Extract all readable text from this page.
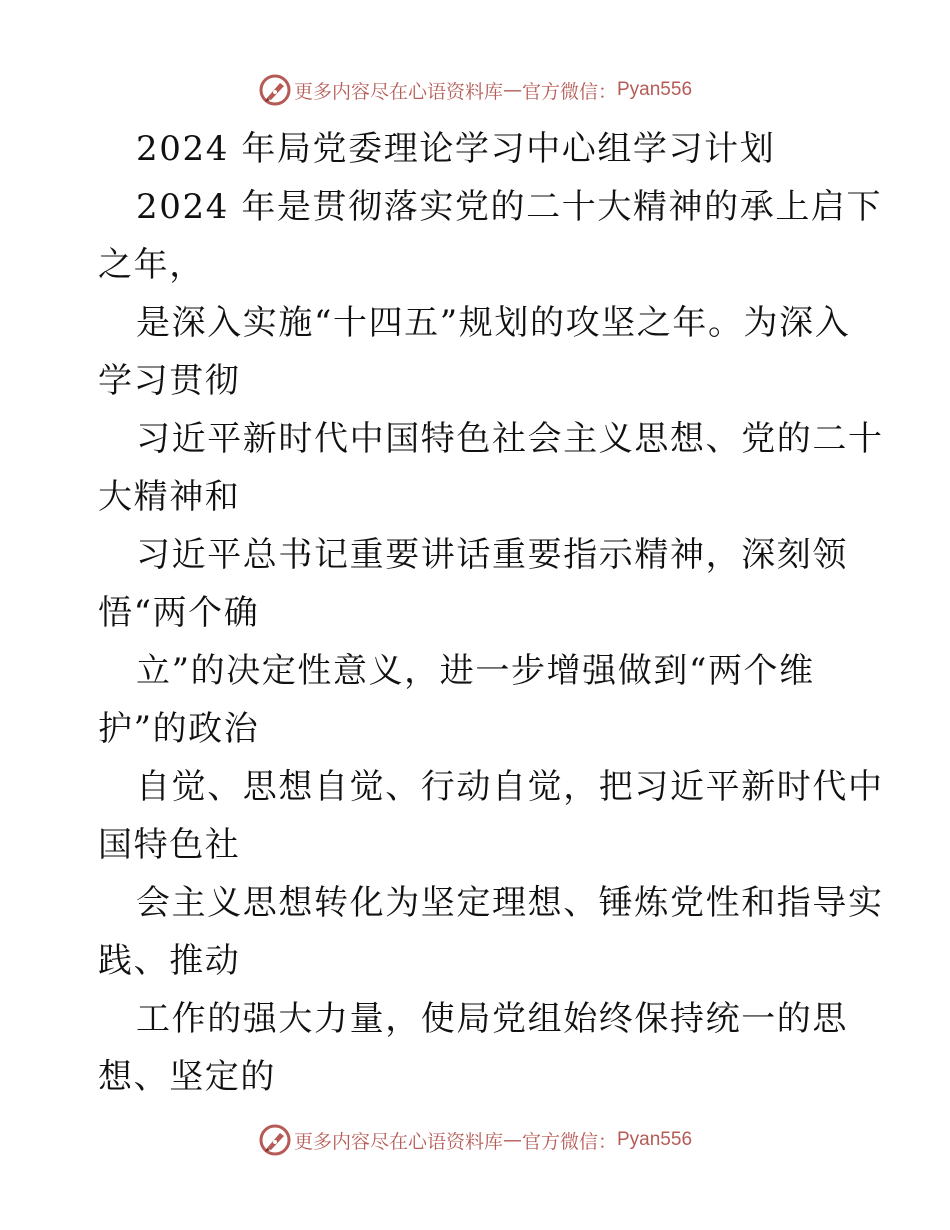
更多内容尽在心语资料库 — 官方微信： Pyan556
2024 年局党委理论学习中心组学习计划
2024 年是贯彻落实党的二十大精神的承上启下
之年，
是深入实施“十四五”规划的攻坚之年。为深入
学习贯彻
习近平新时代中国特色社会主义思想、党的二十
大精神和
习近平总书记重要讲话重要指示精神，深刻领
悟“两个确
立”的决定性意义，进一步增强做到“两个维
护”的政治
自觉、思想自觉、行动自觉，把习近平新时代中
国特色社
会主义思想转化为坚定理想、锤炼党性和指导实
践、推动
工作的强大力量，使局党组始终保持统一的思
想、坚定的
更多内容尽在心语资料库 — 官方微信： Pyan556
